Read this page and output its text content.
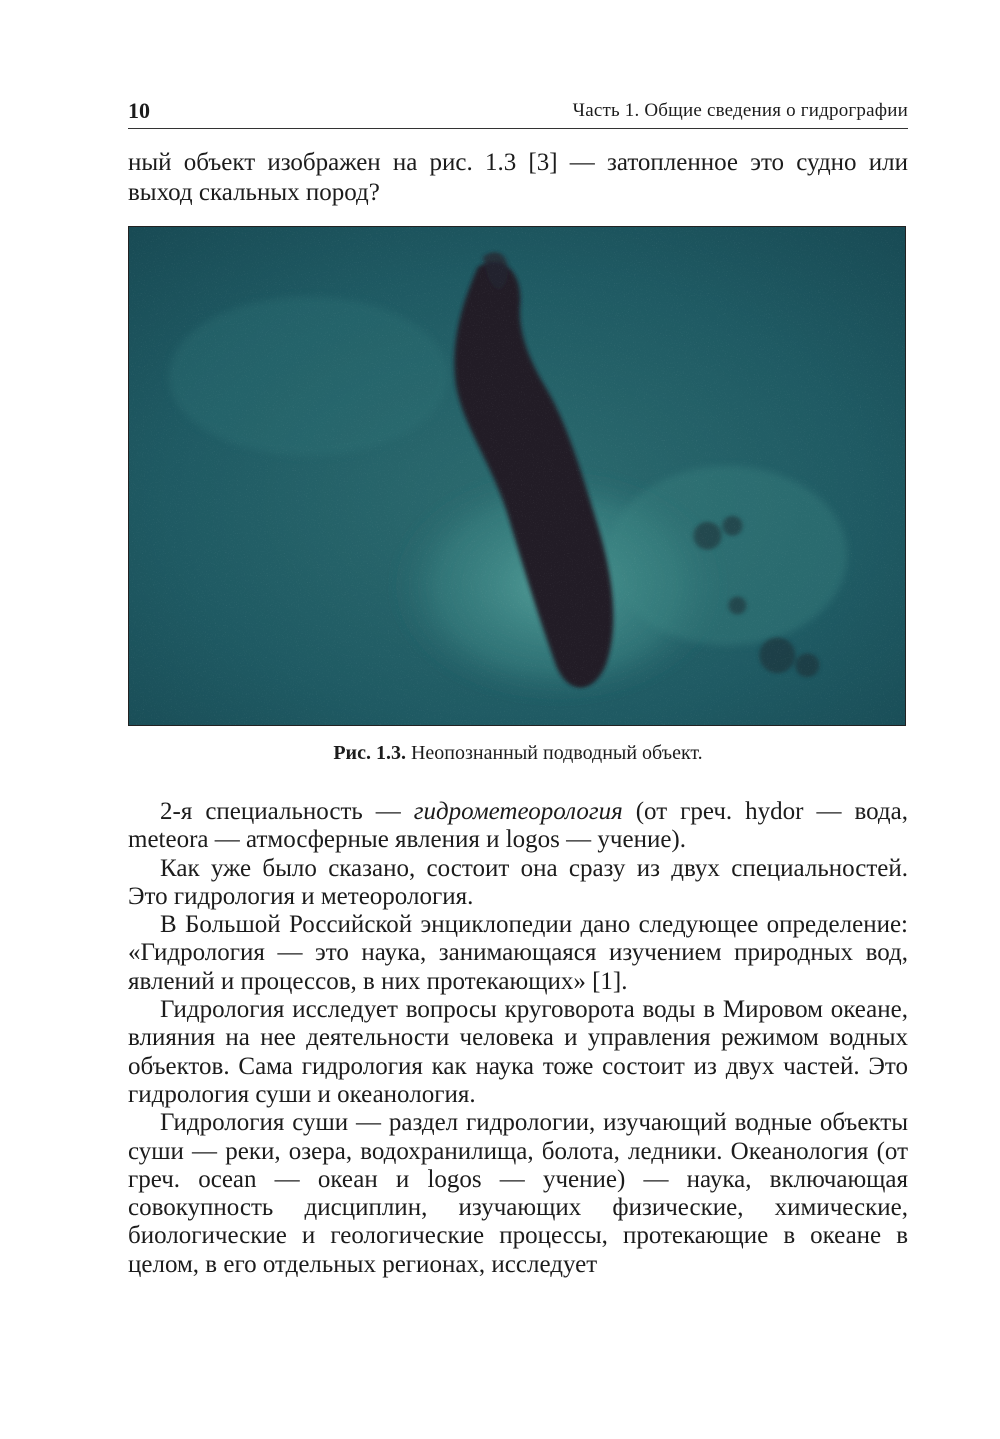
10	Часть 1. Общие сведения о гидрографии

ный объект изображен на рис. 1.3 [3] — затопленное это судно или выход скальных пород?

Рис. 1.3. Неопознанный подводный объект.

2-я специальность — гидрометеорология (от греч. hydor — вода, meteora — атмосферные явления и logos — учение).

Как уже было сказано, состоит она сразу из двух специальностей. Это гидрология и метеорология.

В Большой Российской энциклопедии дано следующее определение: «Гидрология — это наука, занимающаяся изучением природных вод, явлений и процессов, в них протекающих» [1].

Гидрология исследует вопросы круговорота воды в Мировом океане, влияния на нее деятельности человека и управления режимом водных объектов. Сама гидрология как наука тоже состоит из двух частей. Это гидрология суши и океанология.

Гидрология суши — раздел гидрологии, изучающий водные объекты суши — реки, озера, водохранилища, болота, ледники. Океанология (от греч. ocean — океан и logos — учение) — наука, включающая совокупность дисциплин, изучающих физические, химические, биологические и геологические процессы, протекающие в океане в целом, в его отдельных регионах, исследует
